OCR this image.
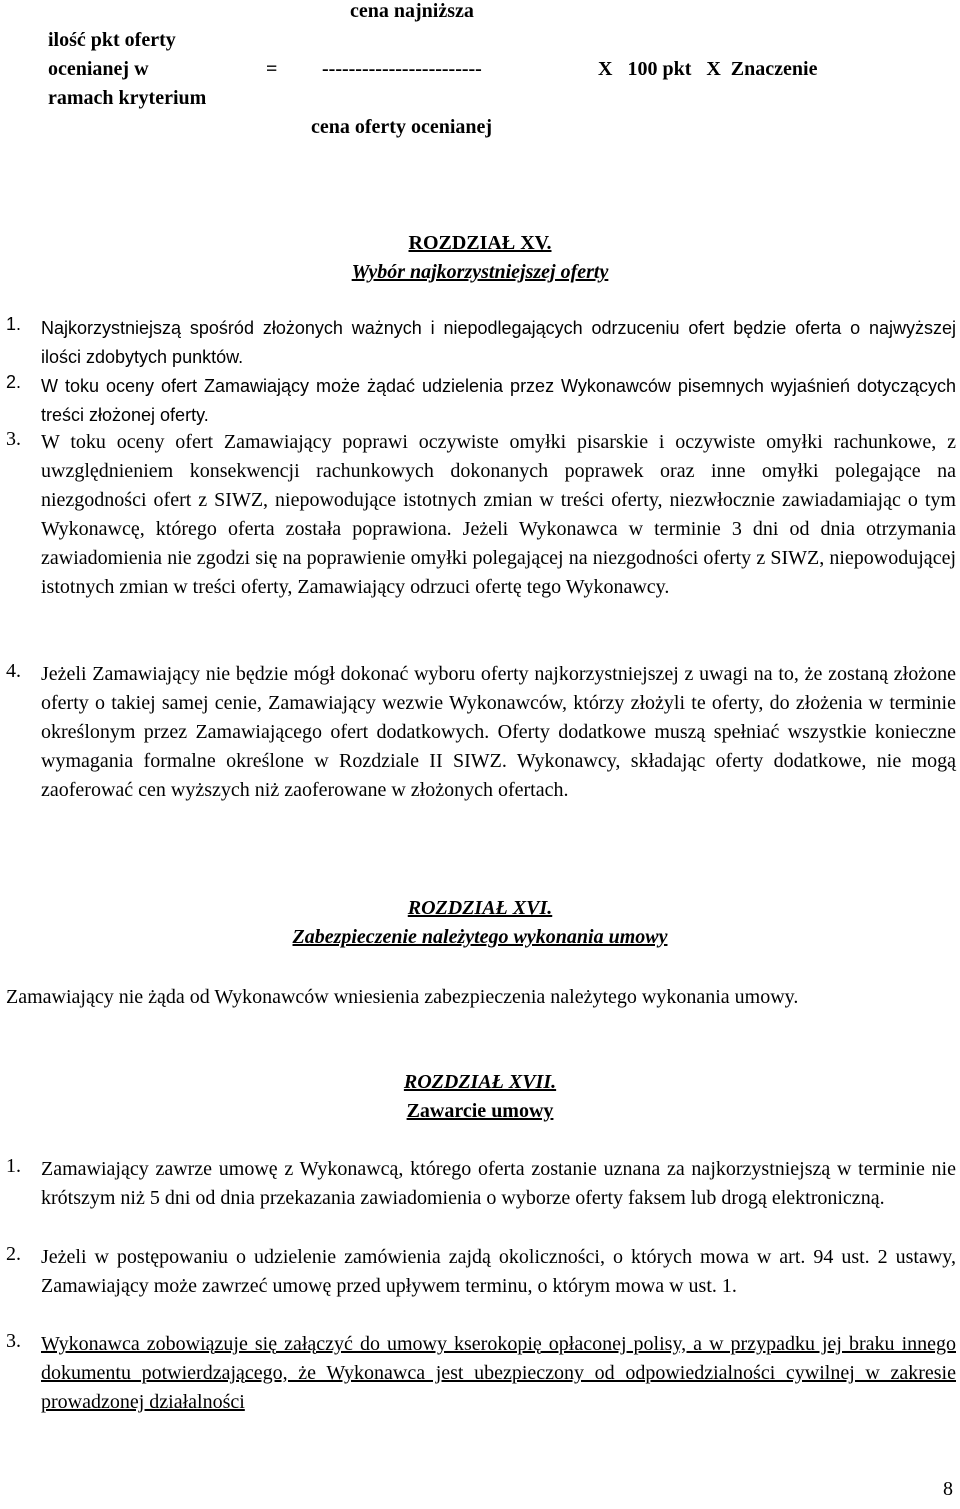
cena najniższa
ilość pkt oferty
ocenianej w	= ------------------------	X   100 pkt   X  Znaczenie
ramach kryterium
cena oferty ocenianej
ROZDZIAŁ XV.
Wybór najkorzystniejszej oferty
1. Najkorzystniejszą spośród złożonych ważnych i niepodlegających odrzuceniu ofert będzie oferta o najwyższej ilości zdobytych punktów.
2. W toku oceny ofert Zamawiający może żądać udzielenia przez Wykonawców pisemnych wyjaśnień dotyczących treści złożonej oferty.
3. W toku oceny ofert Zamawiający poprawi oczywiste omyłki pisarskie i oczywiste omyłki rachunkowe, z uwzględnieniem konsekwencji rachunkowych dokonanych poprawek oraz inne omyłki polegające na niezgodności ofert z SIWZ, niepowodujące istotnych zmian w treści oferty, niezwłocznie zawiadamiając o tym Wykonawcę, którego oferta została poprawiona. Jeżeli Wykonawca w terminie 3 dni od dnia otrzymania zawiadomienia nie zgodzi się na poprawienie omyłki polegającej na niezgodności oferty z SIWZ, niepowodującej istotnych zmian w treści oferty, Zamawiający odrzuci ofertę tego Wykonawcy.
4. Jeżeli Zamawiający nie będzie mógł dokonać wyboru oferty najkorzystniejszej z uwagi na to, że zostaną złożone oferty o takiej samej cenie, Zamawiający wezwie Wykonawców, którzy złożyli te oferty, do złożenia w terminie określonym przez Zamawiającego ofert dodatkowych. Oferty dodatkowe muszą spełniać wszystkie konieczne wymagania formalne określone w Rozdziale II SIWZ. Wykonawcy, składając oferty dodatkowe, nie mogą zaoferować cen wyższych niż zaoferowane w złożonych ofertach.
ROZDZIAŁ XVI.
Zabezpieczenie należytego wykonania umowy
Zamawiający nie żąda od Wykonawców wniesienia zabezpieczenia należytego wykonania umowy.
ROZDZIAŁ XVII.
Zawarcie umowy
1. Zamawiający zawrze umowę z Wykonawcą, którego oferta zostanie uznana za najkorzystniejszą w terminie nie krótszym niż 5 dni od dnia przekazania zawiadomienia o wyborze oferty faksem lub drogą elektroniczną.
2. Jeżeli w postępowaniu o udzielenie zamówienia zajdą okoliczności, o których mowa w art. 94 ust. 2 ustawy, Zamawiający może zawrzeć umowę przed upływem terminu, o którym mowa w ust. 1.
3. Wykonawca zobowiązuje się załączyć do umowy kserokopię opłaconej polisy, a w przypadku jej braku innego dokumentu potwierdzającego, że Wykonawca jest ubezpieczony od odpowiedzialności cywilnej w zakresie prowadzonej działalności
8
